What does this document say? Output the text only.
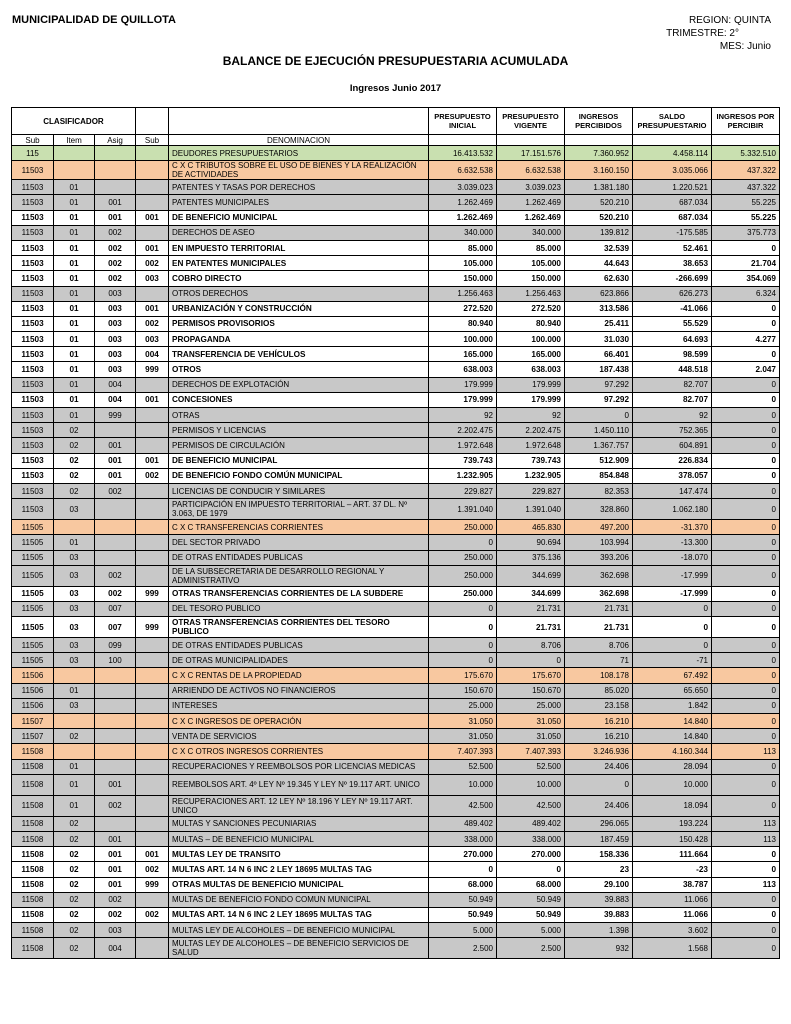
MUNICIPALIDAD DE QUILLOTA	REGION: QUINTA
TRIMESTRE: 2°
MES: Junio
BALANCE DE EJECUCIÓN PRESUPUESTARIA ACUMULADA
Ingresos Junio 2017
CLASIFICADOR					PRESUPUESTO INICIAL	PRESUPUESTO VIGENTE	INGRESOS PERCIBIDOS	SALDO PRESUPUESTARIO	INGRESOS POR PERCIBIR
Sub	Item	Asig	Sub	DENOMINACION					
115				DEUDORES PRESUPUESTARIOS	16.413.532	17.151.576	7.360.952	4.458.114	5.332.510
11503				C X C TRIBUTOS SOBRE EL USO DE BIENES Y LA REALIZACIÓN DE ACTIVIDADES	6.632.538	6.632.538	3.160.150	3.035.066	437.322
11503	01			PATENTES Y TASAS POR DERECHOS	3.039.023	3.039.023	1.381.180	1.220.521	437.322
11503	01	001		PATENTES MUNICIPALES	1.262.469	1.262.469	520.210	687.034	55.225
11503	01	001	001	DE BENEFICIO MUNICIPAL	1.262.469	1.262.469	520.210	687.034	55.225
11503	01	002		DERECHOS DE ASEO	340.000	340.000	139.812	-175.585	375.773
11503	01	002	001	EN IMPUESTO TERRITORIAL	85.000	85.000	32.539	52.461	0
11503	01	002	002	EN PATENTES MUNICIPALES	105.000	105.000	44.643	38.653	21.704
11503	01	002	003	COBRO DIRECTO	150.000	150.000	62.630	-266.699	354.069
11503	01	003		OTROS DERECHOS	1.256.463	1.256.463	623.866	626.273	6.324
11503	01	003	001	URBANIZACIÓN Y CONSTRUCCIÓN	272.520	272.520	313.586	-41.066	0
11503	01	003	002	PERMISOS PROVISORIOS	80.940	80.940	25.411	55.529	0
11503	01	003	003	PROPAGANDA	100.000	100.000	31.030	64.693	4.277
11503	01	003	004	TRANSFERENCIA DE VEHÍCULOS	165.000	165.000	66.401	98.599	0
11503	01	003	999	OTROS	638.003	638.003	187.438	448.518	2.047
11503	01	004		DERECHOS DE EXPLOTACIÓN	179.999	179.999	97.292	82.707	0
11503	01	004	001	CONCESIONES	179.999	179.999	97.292	82.707	0
11503	01	999		OTRAS	92	92	0	92	0
11503	02			PERMISOS Y LICENCIAS	2.202.475	2.202.475	1.450.110	752.365	0
11503	02	001		PERMISOS DE CIRCULACIÓN	1.972.648	1.972.648	1.367.757	604.891	0
11503	02	001	001	DE BENEFICIO MUNICIPAL	739.743	739.743	512.909	226.834	0
11503	02	001	002	DE BENEFICIO FONDO COMÚN MUNICIPAL	1.232.905	1.232.905	854.848	378.057	0
11503	02	002		LICENCIAS DE CONDUCIR Y SIMILARES	229.827	229.827	82.353	147.474	0
11503	03			PARTICIPACIÓN EN IMPUESTO TERRITORIAL – ART. 37 DL. Nº 3.063, DE 1979	1.391.040	1.391.040	328.860	1.062.180	0
11505				C X C TRANSFERENCIAS CORRIENTES	250.000	465.830	497.200	-31.370	0
11505	01			DEL SECTOR PRIVADO	0	90.694	103.994	-13.300	0
11505	03			DE OTRAS ENTIDADES PUBLICAS	250.000	375.136	393.206	-18.070	0
11505	03	002		DE LA SUBSECRETARIA DE DESARROLLO REGIONAL Y ADMINISTRATIVO	250.000	344.699	362.698	-17.999	0
11505	03	002	999	OTRAS TRANSFERENCIAS CORRIENTES DE LA SUBDERE	250.000	344.699	362.698	-17.999	0
11505	03	007		DEL TESORO PUBLICO	0	21.731	21.731	0	0
11505	03	007	999	OTRAS TRANSFERENCIAS CORRIENTES DEL TESORO PUBLICO	0	21.731	21.731	0	0
11505	03	099		DE OTRAS ENTIDADES PUBLICAS	0	8.706	8.706	0	0
11505	03	100		DE OTRAS MUNICIPALIDADES	0	0	71	-71	0
11506				C X C RENTAS DE LA PROPIEDAD	175.670	175.670	108.178	67.492	0
11506	01			ARRIENDO DE ACTIVOS NO FINANCIEROS	150.670	150.670	85.020	65.650	0
11506	03			INTERESES	25.000	25.000	23.158	1.842	0
11507				C X C INGRESOS DE OPERACIÓN	31.050	31.050	16.210	14.840	0
11507	02			VENTA DE SERVICIOS	31.050	31.050	16.210	14.840	0
11508				C X C OTROS INGRESOS CORRIENTES	7.407.393	7.407.393	3.246.936	4.160.344	113
11508	01			RECUPERACIONES Y REEMBOLSOS POR LICENCIAS MEDICAS	52.500	52.500	24.406	28.094	0
11508	01	001		REEMBOLSOS ART. 4º LEY Nº 19.345 Y LEY Nº 19.117 ART. UNICO	10.000	10.000	0	10.000	0
11508	01	002		RECUPERACIONES ART. 12 LEY Nº 18.196 Y LEY Nº 19.117 ART. UNICO	42.500	42.500	24.406	18.094	0
11508	02			MULTAS Y SANCIONES PECUNIARIAS	489.402	489.402	296.065	193.224	113
11508	02	001		MULTAS – DE BENEFICIO MUNICIPAL	338.000	338.000	187.459	150.428	113
11508	02	001	001	MULTAS LEY DE TRANSITO	270.000	270.000	158.336	111.664	0
11508	02	001	002	MULTAS ART. 14 N 6 INC 2 LEY 18695 MULTAS TAG	0	0	23	-23	0
11508	02	001	999	OTRAS MULTAS DE BENEFICIO MUNICIPAL	68.000	68.000	29.100	38.787	113
11508	02	002		MULTAS DE BENEFICIO FONDO COMUN MUNICIPAL	50.949	50.949	39.883	11.066	0
11508	02	002	002	MULTAS ART. 14 N 6 INC 2 LEY 18695 MULTAS TAG	50.949	50.949	39.883	11.066	0
11508	02	003		MULTAS LEY DE ALCOHOLES – DE BENEFICIO MUNICIPAL	5.000	5.000	1.398	3.602	0
11508	02	004		MULTAS LEY DE ALCOHOLES – DE BENEFICIO SERVICIOS DE SALUD	2.500	2.500	932	1.568	0
